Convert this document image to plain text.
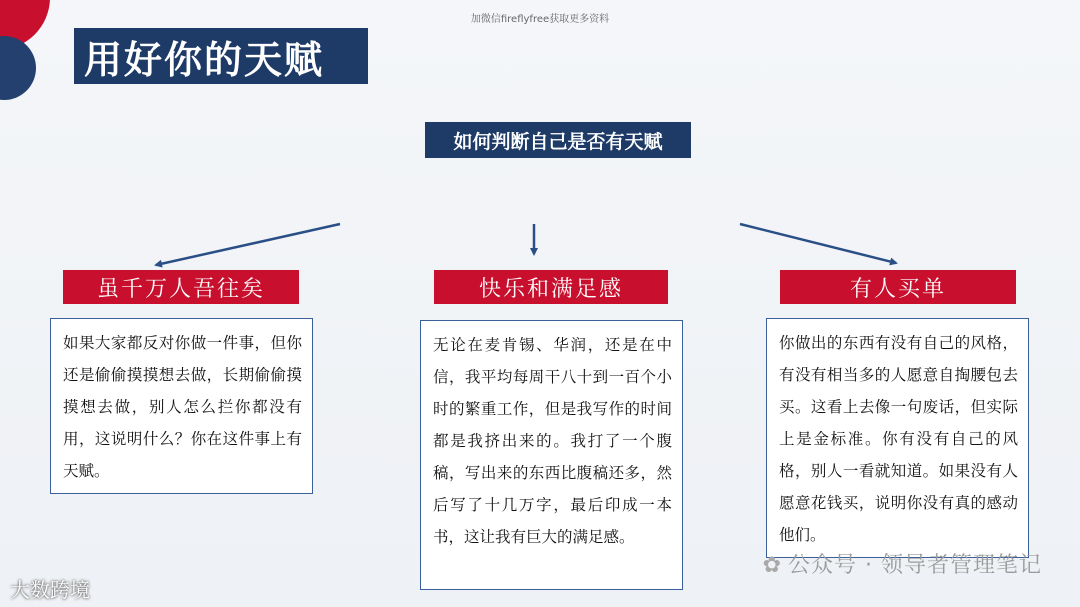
加微信fireflyfree获取更多资料
用好你的天赋
如何判断自己是否有天赋
虽千万人吾往矣
如果大家都反对你做一件事，但你还是偷偷摸摸想去做，长期偷偷摸摸想去做，别人怎么拦你都没有用，这说明什么？你在这件事上有天赋。
快乐和满足感
无论在麦肯锡、华润，还是在中信，我平均每周干八十到一百个小时的繁重工作，但是我写作的时间都是我挤出来的。我打了一个腹稿，写出来的东西比腹稿还多，然后写了十几万字，最后印成一本书，这让我有巨大的满足感。
有人买单
你做出的东西有没有自己的风格，有没有相当多的人愿意自掏腰包去买。这看上去像一句废话，但实际上是金标准。你有没有自己的风格，别人一看就知道。如果没有人愿意花钱买，说明你没有真的感动他们。
✿ 公众号 · 领导者管理笔记
大数跨境
